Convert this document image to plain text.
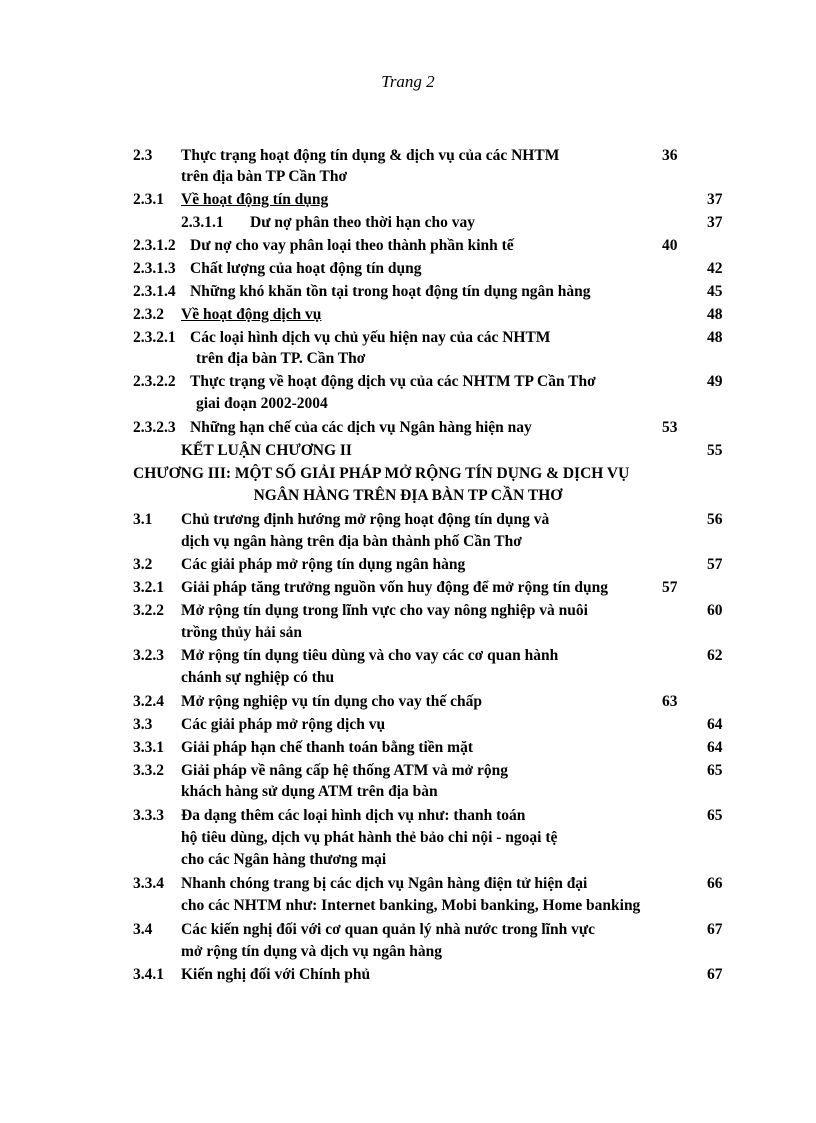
Trang 2
2.3 Thực trạng hoạt động tín dụng & dịch vụ của các NHTM	36
trên địa bàn TP Cần Thơ
2.3.1 Về hoạt động tín dụng	37
2.3.1.1 Dư nợ phân theo thời hạn cho vay	37
2.3.1.2 Dư nợ cho vay phân loại theo thành phần kinh tế	40
2.3.1.3 Chất lượng của hoạt động tín dụng	42
2.3.1.4 Những khó khăn tồn tại trong hoạt động tín dụng ngân hàng	45
2.3.2 Về hoạt động dịch vụ	48
2.3.2.1 Các loại hình dịch vụ chủ yếu hiện nay của các NHTM	48
trên địa bàn TP. Cần Thơ
2.3.2.2 Thực trạng về hoạt động dịch vụ của các NHTM TP Cần Thơ	49
giai đoạn 2002-2004
2.3.2.3 Những hạn chế của các dịch vụ Ngân hàng hiện nay	53
KẾT LUẬN CHƯƠNG II	55
CHƯƠNG III: MỘT SỐ GIẢI PHÁP MỞ RỘNG TÍN DỤNG & DỊCH VỤ
NGÂN HÀNG TRÊN ĐỊA BÀN TP CẦN THƠ
3.1 Chủ trương định hướng mở rộng hoạt động tín dụng và	56
dịch vụ ngân hàng trên địa bàn thành phố Cần Thơ
3.2 Các giải pháp mở rộng tín dụng ngân hàng	57
3.2.1 Giải pháp tăng trưởng nguồn vốn huy động để mở rộng tín dụng	57
3.2.2 Mở rộng tín dụng trong lĩnh vực cho vay nông nghiệp và nuôi	60
trồng thủy hải sản
3.2.3 Mở rộng tín dụng tiêu dùng và cho vay các cơ quan hành	62
chánh sự nghiệp có thu
3.2.4 Mở rộng nghiệp vụ tín dụng cho vay thế chấp	63
3.3 Các giải pháp mở rộng dịch vụ	64
3.3.1 Giải pháp hạn chế thanh toán bằng tiền mặt	64
3.3.2 Giải pháp về nâng cấp hệ thống ATM và mở rộng	65
khách hàng sử dụng ATM trên địa bàn
3.3.3 Đa dạng thêm các loại hình dịch vụ như: thanh toán	65
hộ tiêu dùng, dịch vụ phát hành thẻ bảo chi nội - ngoại tệ
cho các Ngân hàng thương mại
3.3.4 Nhanh chóng trang bị các dịch vụ Ngân hàng điện tử hiện đại	66
cho các NHTM như: Internet banking, Mobi banking, Home banking
3.4 Các kiến nghị đối với cơ quan quản lý nhà nước trong lĩnh vực	67
mở rộng tín dụng và dịch vụ ngân hàng
3.4.1 Kiến nghị đối với Chính phủ	67
